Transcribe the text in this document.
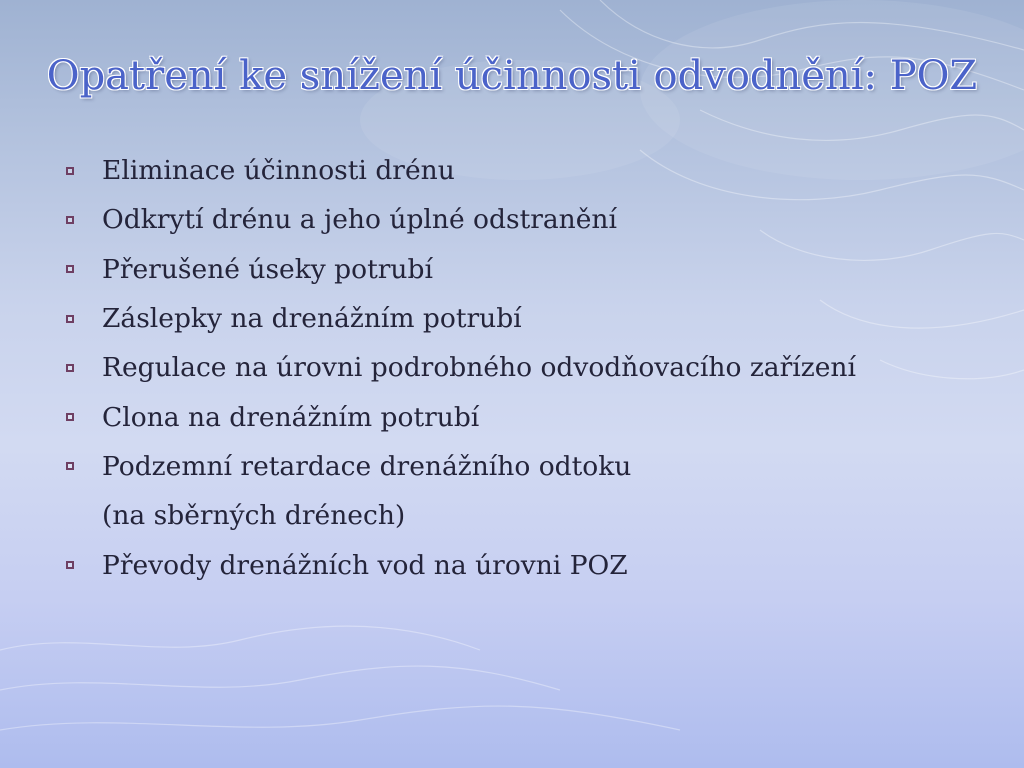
Opatření ke snížení účinnosti odvodnění: POZ
Eliminace účinnosti drénu
Odkrytí drénu a jeho úplné odstranění
Přerušené úseky potrubí
Záslepky na drenážním potrubí
Regulace na úrovni podrobného odvodňovacího zařízení
Clona na drenážním potrubí
Podzemní retardace drenážního odtoku
(na sběrných drénech)
Převody drenážních vod na úrovni POZ
